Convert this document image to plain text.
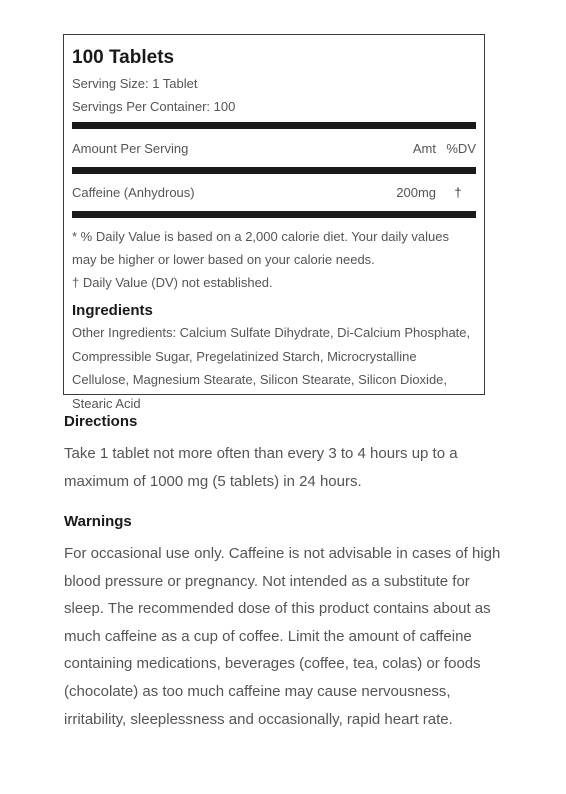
100 Tablets
Serving Size: 1 Tablet
Servings Per Container: 100
Amount Per Serving	Amt %DV
Caffeine (Anhydrous)	200mg	†
* % Daily Value is based on a 2,000 calorie diet. Your daily values may be higher or lower based on your calorie needs.
† Daily Value (DV) not established.
Ingredients
Other Ingredients: Calcium Sulfate Dihydrate, Di-Calcium Phosphate, Compressible Sugar, Pregelatinized Starch, Microcrystalline Cellulose, Magnesium Stearate, Silicon Stearate, Silicon Dioxide, Stearic Acid
Directions
Take 1 tablet not more often than every 3 to 4 hours up to a maximum of 1000 mg (5 tablets) in 24 hours.
Warnings
For occasional use only. Caffeine is not advisable in cases of high blood pressure or pregnancy. Not intended as a substitute for sleep. The recommended dose of this product contains about as much caffeine as a cup of coffee. Limit the amount of caffeine containing medications, beverages (coffee, tea, colas) or foods (chocolate) as too much caffeine may cause nervousness, irritability, sleeplessness and occasionally, rapid heart rate.
